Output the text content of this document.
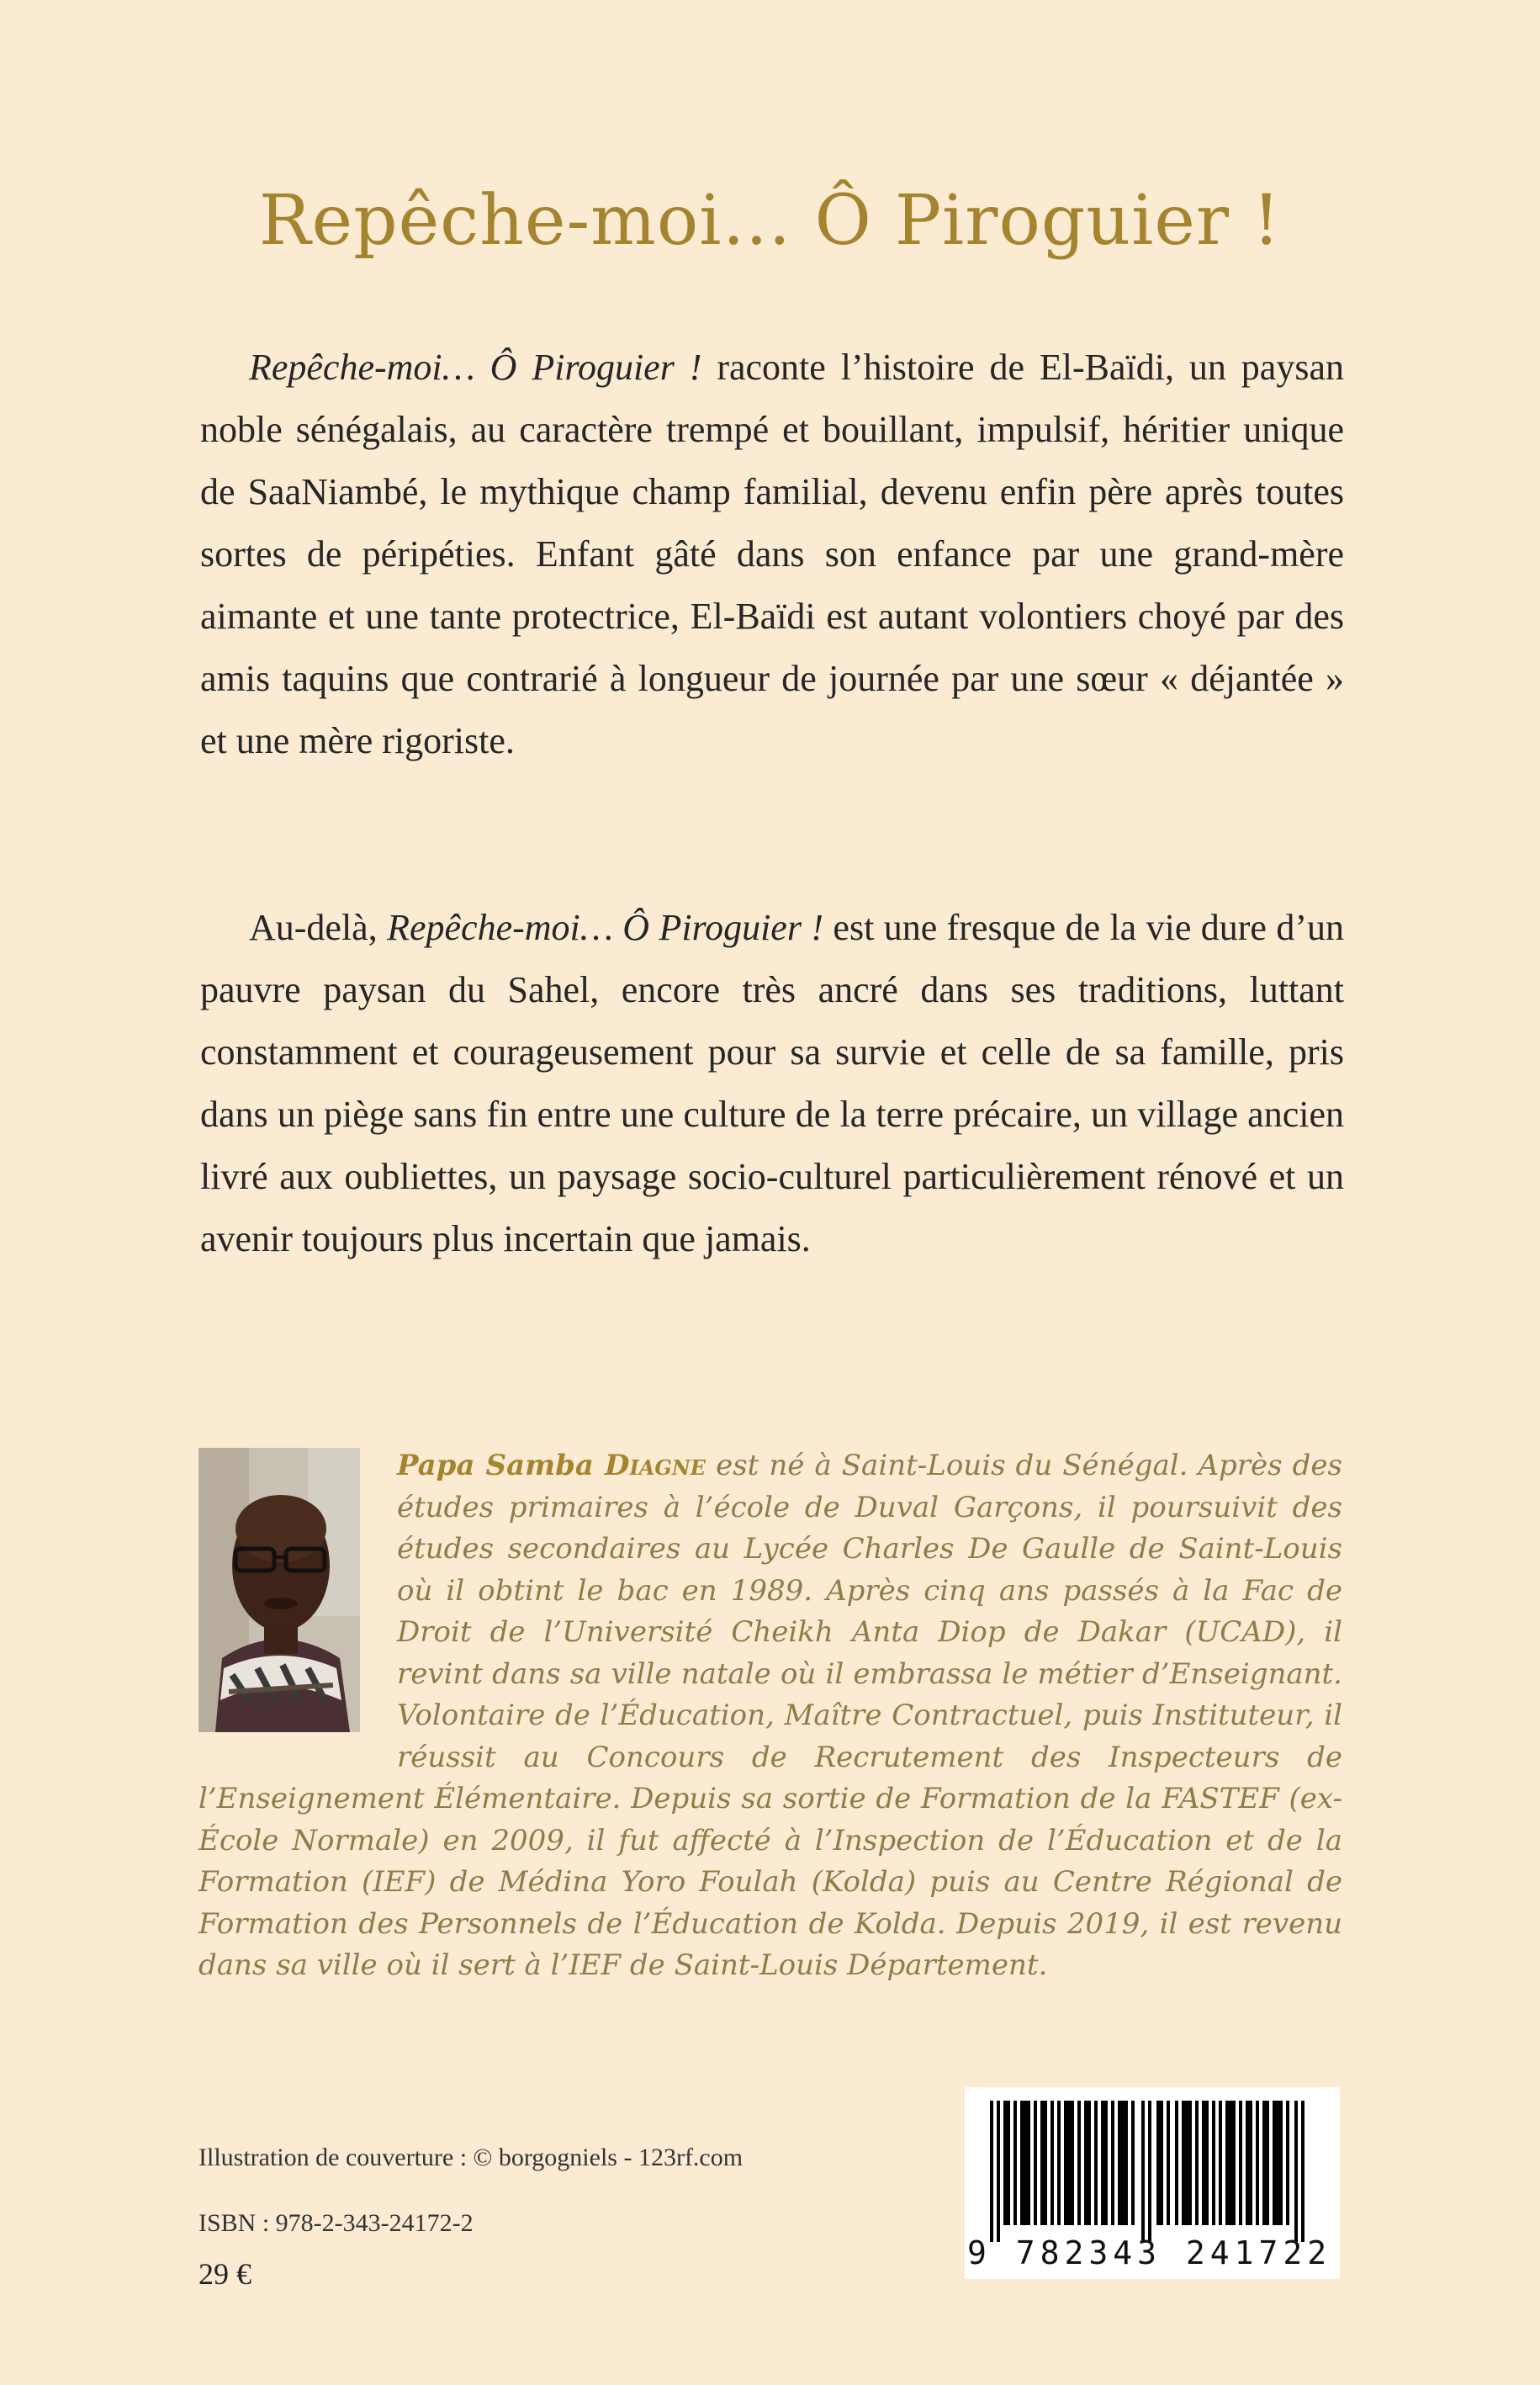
Repêche-moi… Ô Piroguier !

Repêche-moi… Ô Piroguier ! raconte l’histoire de El-Baïdi, un paysan noble sénégalais, au caractère trempé et bouillant, impulsif, héritier unique de SaaNiambé, le mythique champ familial, devenu enfin père après toutes sortes de péripéties. Enfant gâté dans son enfance par une grand-mère aimante et une tante protectrice, El-Baïdi est autant volontiers choyé par des amis taquins que contrarié à longueur de journée par une sœur « déjantée » et une mère rigoriste.

Au-delà, Repêche-moi… Ô Piroguier ! est une fresque de la vie dure d’un pauvre paysan du Sahel, encore très ancré dans ses traditions, luttant constamment et courageusement pour sa survie et celle de sa famille, pris dans un piège sans fin entre une culture de la terre précaire, un village ancien livré aux oubliettes, un paysage socio-culturel particulièrement rénové et un avenir toujours plus incertain que jamais.

Papa Samba Diagne est né à Saint-Louis du Sénégal. Après des études primaires à l’école de Duval Garçons, il poursuivit des études secondaires au Lycée Charles De Gaulle de Saint-Louis où il obtint le bac en 1989. Après cinq ans passés à la Fac de Droit de l’Université Cheikh Anta Diop de Dakar (UCAD), il revint dans sa ville natale où il embrassa le métier d’Enseignant. Volontaire de l’Éducation, Maître Contractuel, puis Instituteur, il réussit au Concours de Recrutement des Inspecteurs de l’Enseignement Élémentaire. Depuis sa sortie de Formation de la FASTEF (ex-École Normale) en 2009, il fut affecté à l’Inspection de l’Éducation et de la Formation (IEF) de Médina Yoro Foulah (Kolda) puis au Centre Régional de Formation des Personnels de l’Éducation de Kolda. Depuis 2019, il est revenu dans sa ville où il sert à l’IEF de Saint-Louis Département.

Illustration de couverture : © borgogniels - 123rf.com
ISBN : 978-2-343-24172-2
29 €
9 782343 241722
